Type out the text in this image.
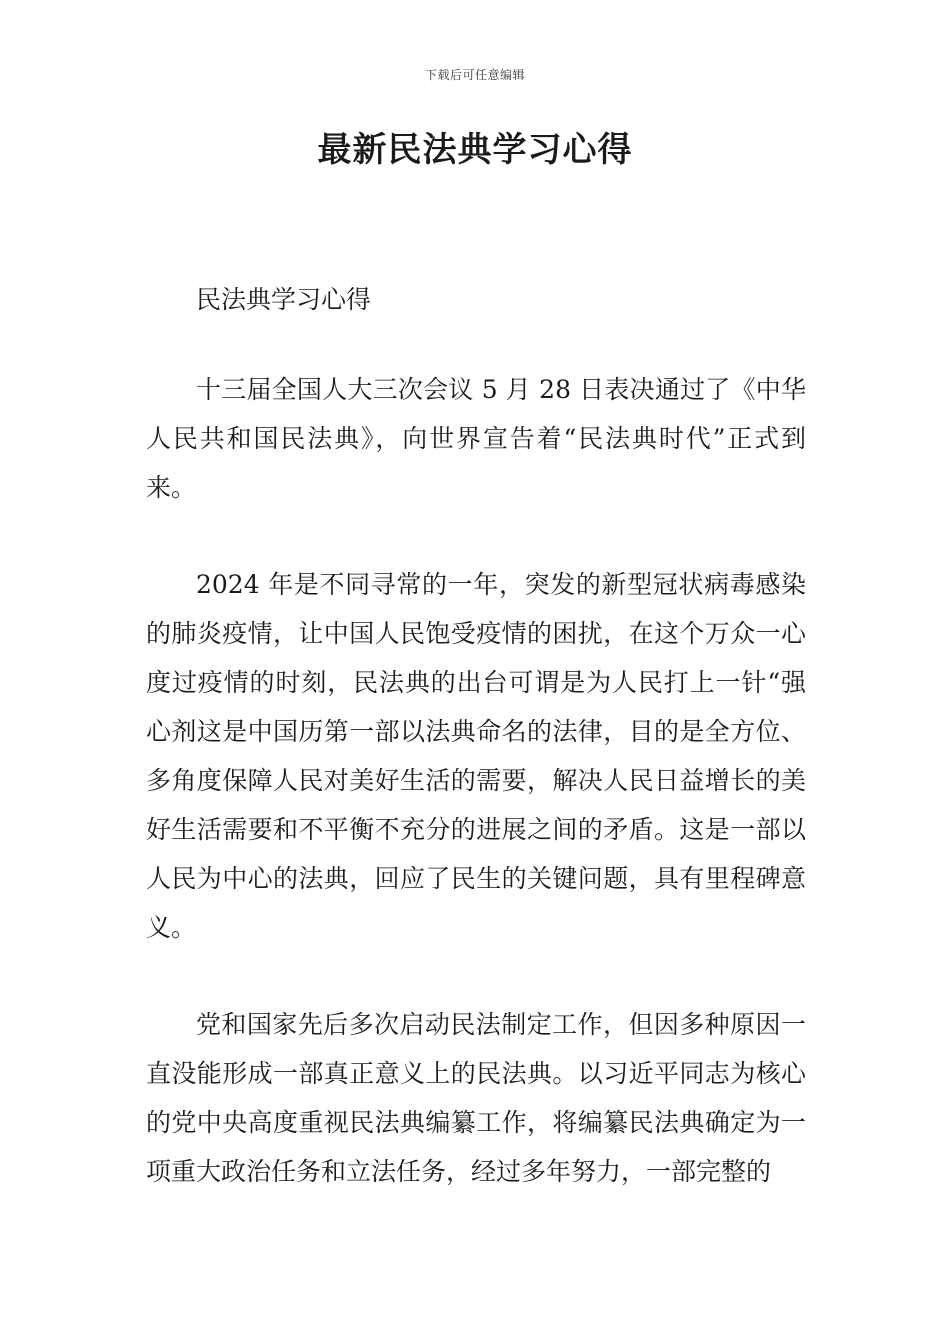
下载后可任意编辑
最新民法典学习心得

民法典学习心得

十三届全国人大三次会议 5 月 28 日表决通过了《中华人民共和国民法典》，向世界宣告着“民法典时代”正式到来。

2024 年是不同寻常的一年，突发的新型冠状病毒感染的肺炎疫情，让中国人民饱受疫情的困扰，在这个万众一心度过疫情的时刻，民法典的出台可谓是为人民打上一针“强心剂这是中国历第一部以法典命名的法律，目的是全方位、多角度保障人民对美好生活的需要，解决人民日益增长的美好生活需要和不平衡不充分的进展之间的矛盾。这是一部以人民为中心的法典，回应了民生的关键问题，具有里程碑意义。

党和国家先后多次启动民法制定工作，但因多种原因一直没能形成一部真正意义上的民法典。以习近平同志为核心的党中央高度重视民法典编纂工作，将编纂民法典确定为一项重大政治任务和立法任务，经过多年努力，一部完整的
